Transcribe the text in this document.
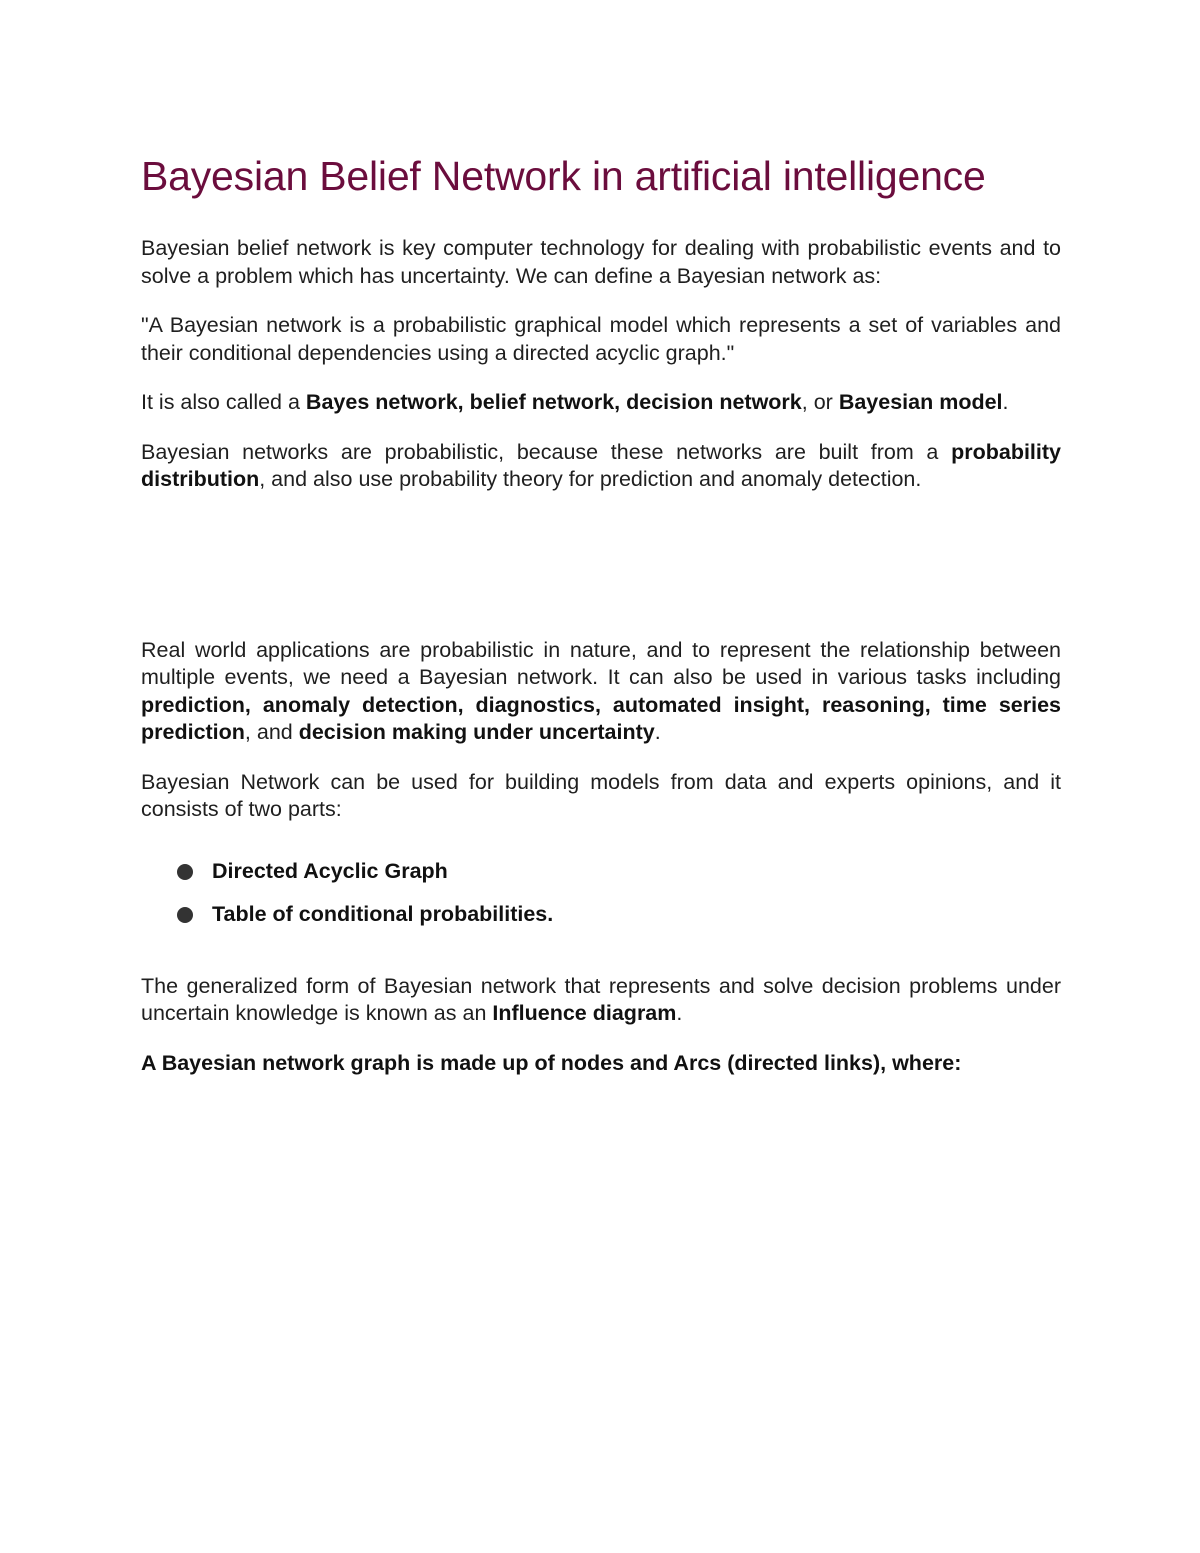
Bayesian Belief Network in artificial intelligence

Bayesian belief network is key computer technology for dealing with probabilistic events and to solve a problem which has uncertainty. We can define a Bayesian network as:

"A Bayesian network is a probabilistic graphical model which represents a set of variables and their conditional dependencies using a directed acyclic graph."

It is also called a Bayes network, belief network, decision network, or Bayesian model.

Bayesian networks are probabilistic, because these networks are built from a probability distribution, and also use probability theory for prediction and anomaly detection.

Real world applications are probabilistic in nature, and to represent the relationship between multiple events, we need a Bayesian network. It can also be used in various tasks including prediction, anomaly detection, diagnostics, automated insight, reasoning, time series prediction, and decision making under uncertainty.

Bayesian Network can be used for building models from data and experts opinions, and it consists of two parts:

Directed Acyclic Graph
Table of conditional probabilities.

The generalized form of Bayesian network that represents and solve decision problems under uncertain knowledge is known as an Influence diagram.

A Bayesian network graph is made up of nodes and Arcs (directed links), where:
